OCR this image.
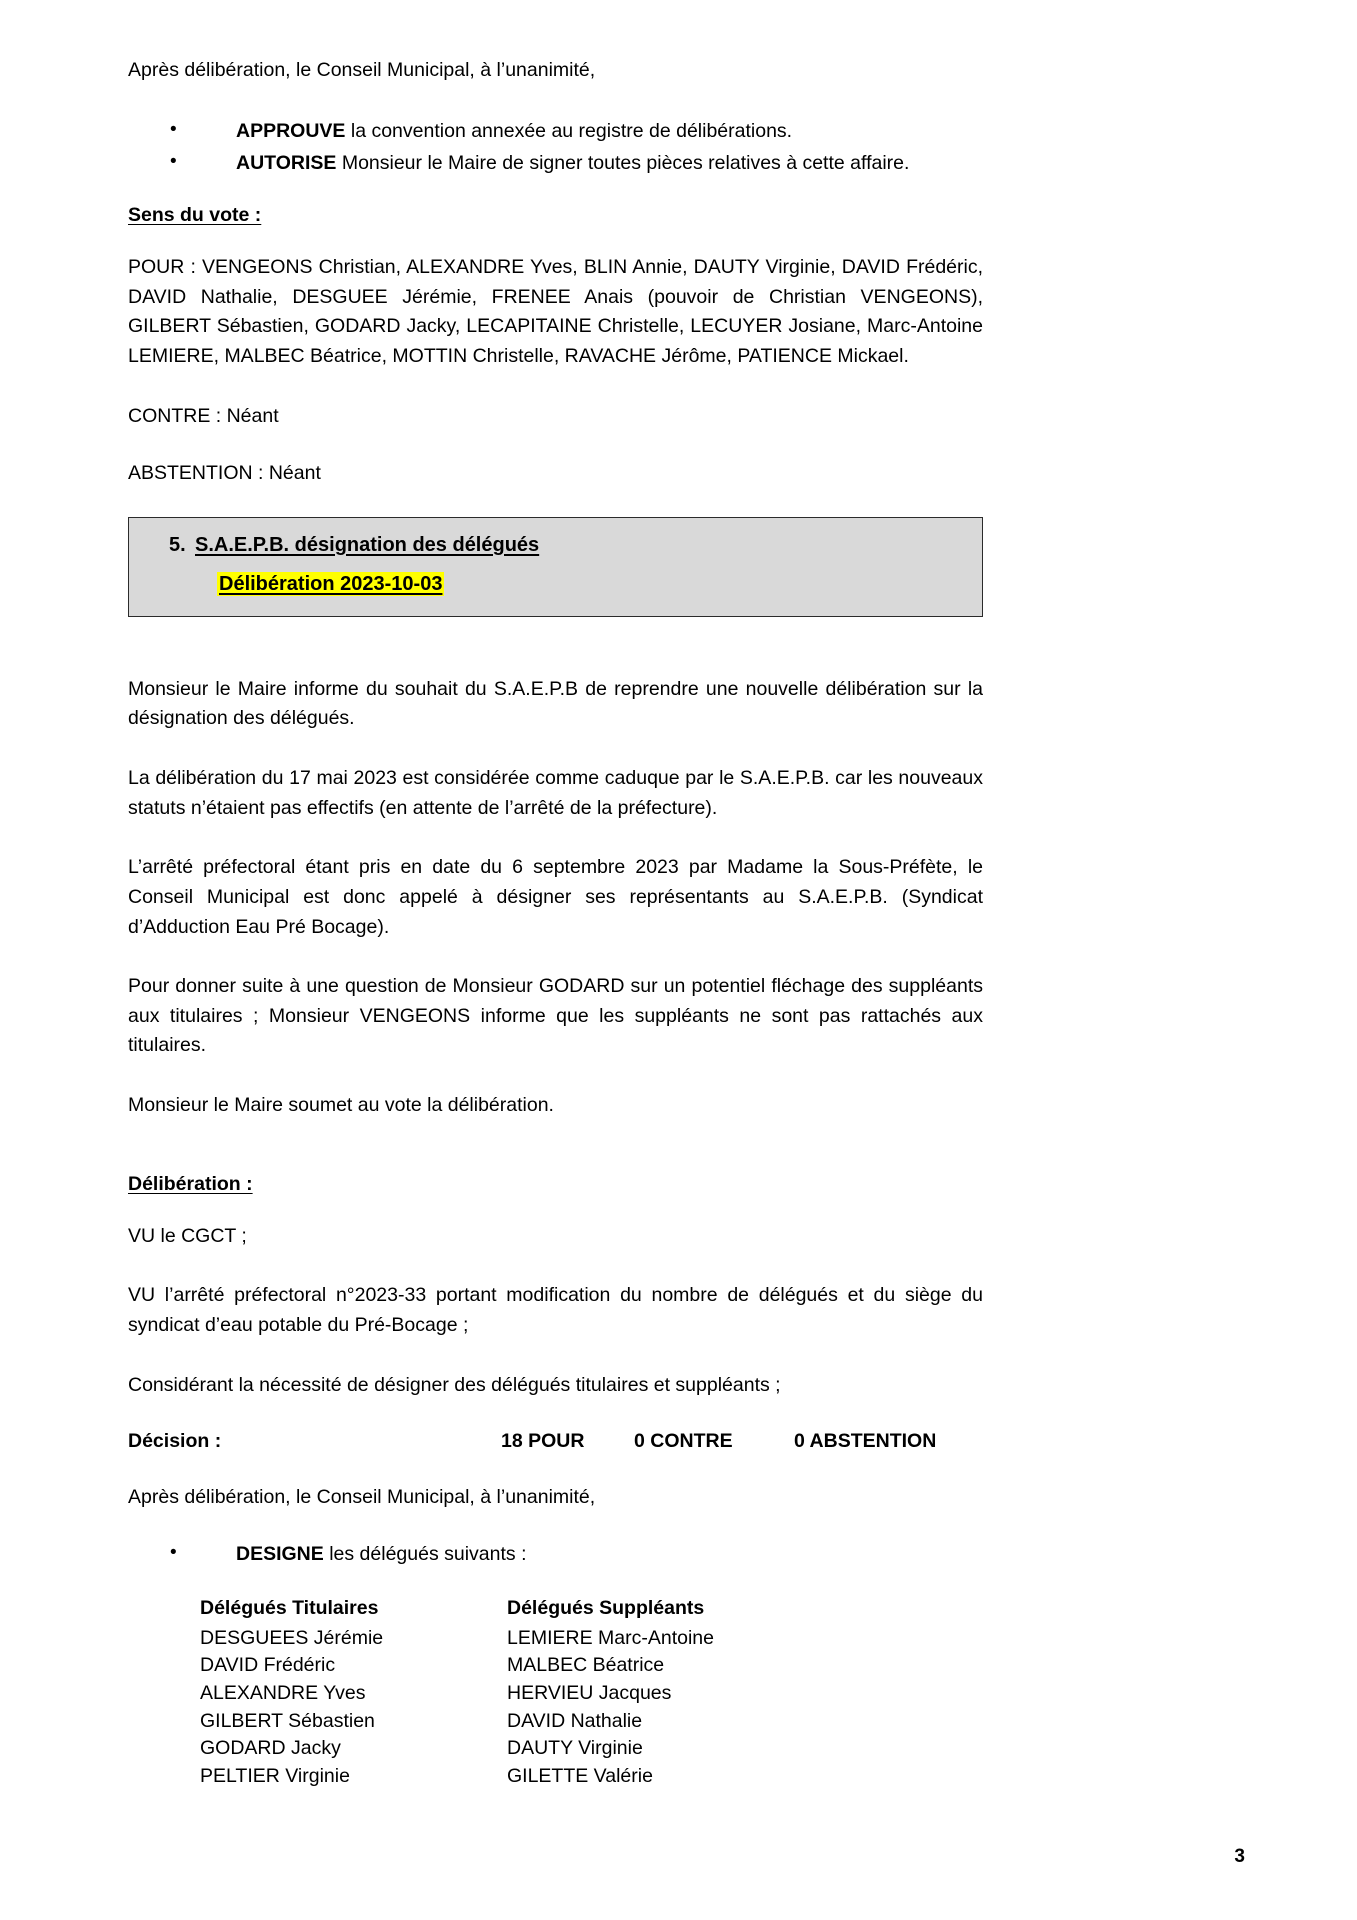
Après délibération, le Conseil Municipal, à l’unanimité,

• APPROUVE la convention annexée au registre de délibérations.
• AUTORISE Monsieur le Maire de signer toutes pièces relatives à cette affaire.
Sens du vote :

POUR : VENGEONS Christian, ALEXANDRE Yves, BLIN Annie, DAUTY Virginie, DAVID Frédéric, DAVID Nathalie, DESGUEE Jérémie, FRENEE Anais (pouvoir de Christian VENGEONS), GILBERT Sébastien, GODARD Jacky, LECAPITAINE Christelle, LECUYER Josiane, Marc-Antoine LEMIERE, MALBEC Béatrice, MOTTIN Christelle, RAVACHE Jérôme, PATIENCE Mickael.

CONTRE : Néant
ABSTENTION : Néant
5. S.A.E.P.B. désignation des délégués
Délibération 2023-10-03

Monsieur le Maire informe du souhait du S.A.E.P.B de reprendre une nouvelle délibération sur la désignation des délégués.

La délibération du 17 mai 2023 est considérée comme caduque par le S.A.E.P.B. car les nouveaux statuts n’étaient pas effectifs (en attente de l’arrêté de la préfecture).

L’arrêté préfectoral étant pris en date du 6 septembre 2023 par Madame la Sous-Préfète, le Conseil Municipal est donc appelé à désigner ses représentants au S.A.E.P.B. (Syndicat d’Adduction Eau Pré Bocage).

Pour donner suite à une question de Monsieur GODARD sur un potentiel fléchage des suppléants aux titulaires ; Monsieur VENGEONS informe que les suppléants ne sont pas rattachés aux titulaires.

Monsieur le Maire soumet au vote la délibération.

Délibération :

VU le CGCT ;

VU l’arrêté préfectoral n°2023-33 portant modification du nombre de délégués et du siège du syndicat d’eau potable du Pré-Bocage ;

Considérant la nécessité de désigner des délégués titulaires et suppléants ;

Décision :	18 POUR	0 CONTRE	0 ABSTENTION

Après délibération, le Conseil Municipal, à l’unanimité,

• DESIGNE les délégués suivants :
Délégués Titulaires	Délégués Suppléants
DESGUEES Jérémie	LEMIERE Marc-Antoine
DAVID Frédéric	MALBEC Béatrice
ALEXANDRE Yves	HERVIEU Jacques
GILBERT Sébastien	DAVID Nathalie
GODARD Jacky	DAUTY Virginie
PELTIER Virginie	GILETTE Valérie
3
